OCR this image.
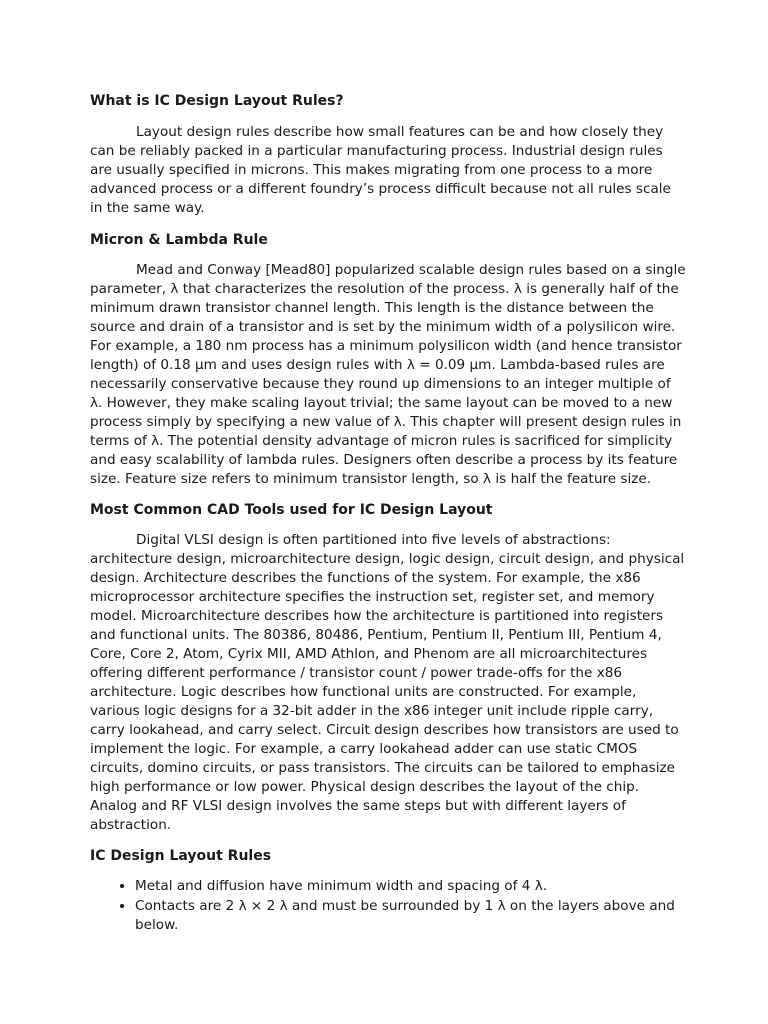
What is IC Design Layout Rules?

Layout design rules describe how small features can be and how closely they can be reliably packed in a particular manufacturing process. Industrial design rules are usually specified in microns. This makes migrating from one process to a more advanced process or a different foundry’s process difficult because not all rules scale in the same way.

Micron & Lambda Rule

Mead and Conway [Mead80] popularized scalable design rules based on a single parameter, λ that characterizes the resolution of the process. λ is generally half of the minimum drawn transistor channel length. This length is the distance between the source and drain of a transistor and is set by the minimum width of a polysilicon wire. For example, a 180 nm process has a minimum polysilicon width (and hence transistor length) of 0.18 µm and uses design rules with λ = 0.09 µm. Lambda-based rules are necessarily conservative because they round up dimensions to an integer multiple of λ. However, they make scaling layout trivial; the same layout can be moved to a new process simply by specifying a new value of λ. This chapter will present design rules in terms of λ. The potential density advantage of micron rules is sacrificed for simplicity and easy scalability of lambda rules. Designers often describe a process by its feature size. Feature size refers to minimum transistor length, so λ is half the feature size.

Most Common CAD Tools used for IC Design Layout

Digital VLSI design is often partitioned into five levels of abstractions: architecture design, microarchitecture design, logic design, circuit design, and physical design. Architecture describes the functions of the system. For example, the x86 microprocessor architecture specifies the instruction set, register set, and memory model. Microarchitecture describes how the architecture is partitioned into registers and functional units. The 80386, 80486, Pentium, Pentium II, Pentium III, Pentium 4, Core, Core 2, Atom, Cyrix MII, AMD Athlon, and Phenom are all microarchitectures offering different performance / transistor count / power trade-offs for the x86 architecture. Logic describes how functional units are constructed. For example, various logic designs for a 32-bit adder in the x86 integer unit include ripple carry, carry lookahead, and carry select. Circuit design describes how transistors are used to implement the logic. For example, a carry lookahead adder can use static CMOS circuits, domino circuits, or pass transistors. The circuits can be tailored to emphasize high performance or low power. Physical design describes the layout of the chip. Analog and RF VLSI design involves the same steps but with different layers of abstraction.

IC Design Layout Rules
• Metal and diffusion have minimum width and spacing of 4 λ.
• Contacts are 2 λ × 2 λ and must be surrounded by 1 λ on the layers above and below.
